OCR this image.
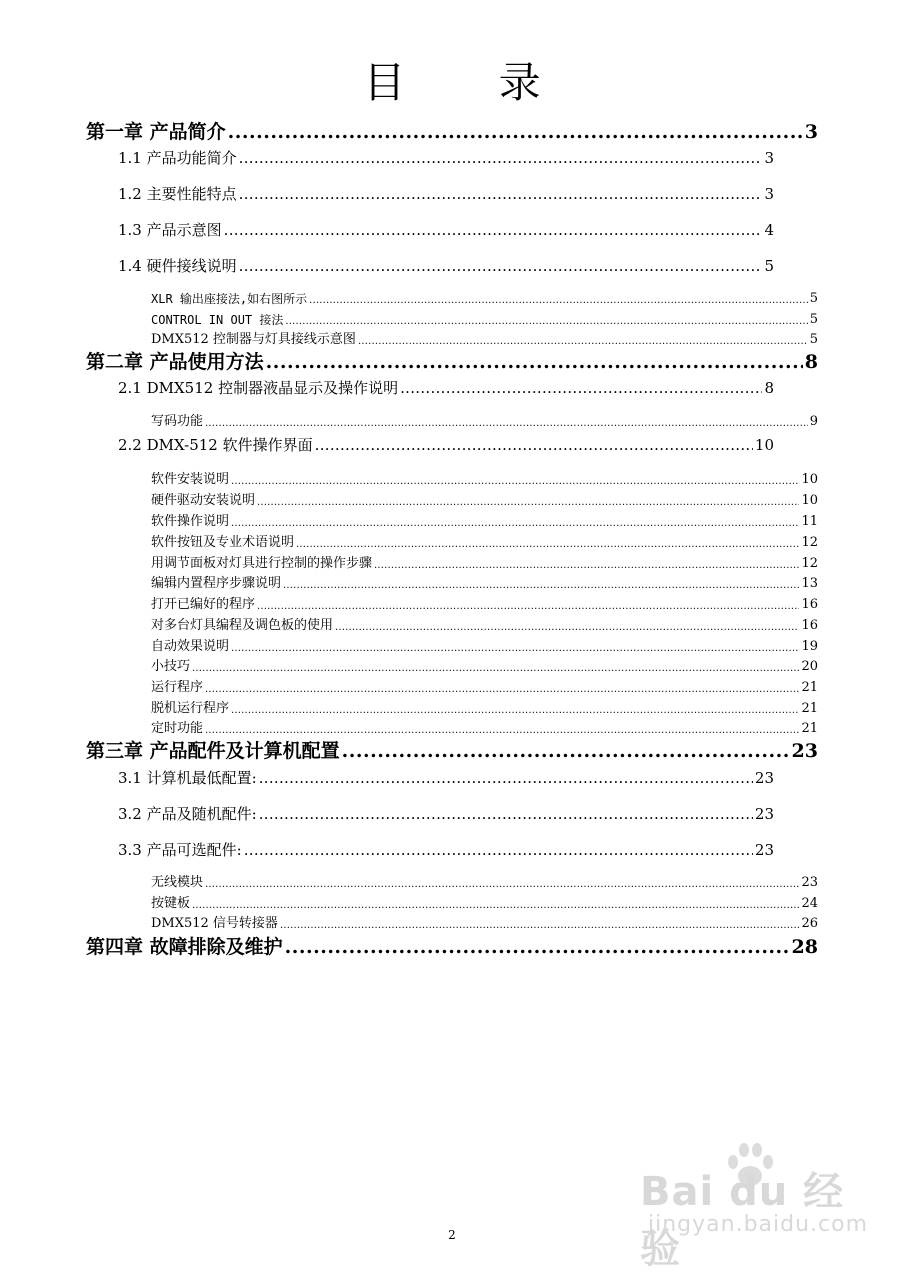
目 录
第一章 产品简介 .....	3
1.1 产品功能简介 .....	3
1.2 主要性能特点 .....	3
1.3 产品示意图 .....	4
1.4 硬件接线说明 .....	5
XLR 输出座接法,如右图所示 .....	5
CONTROL IN OUT 接法 .....	5
DMX512 控制器与灯具接线示意图 .....	5
第二章 产品使用方法 .....	8
2.1 DMX512 控制器液晶显示及操作说明 .....	8
写码功能 .....	9
2.2 DMX-512 软件操作界面 .....	10
软件安装说明 .....	10
硬件驱动安装说明 .....	10
软件操作说明 .....	11
软件按钮及专业术语说明 .....	12
用调节面板对灯具进行控制的操作步骤 .....	12
编辑内置程序步骤说明 .....	13
打开已编好的程序 .....	16
对多台灯具编程及调色板的使用 .....	16
自动效果说明 .....	19
小技巧 .....	20
运行程序 .....	21
脱机运行程序 .....	21
定时功能 .....	21
第三章 产品配件及计算机配置 .....	23
3.1 计算机最低配置: .....	23
3.2 产品及随机配件: .....	23
3.3 产品可选配件: .....	23
无线模块 .....	23
按键板 .....	24
DMX512 信号转接器 .....	26
第四章 故障排除及维护 .....	28
Bai du 经验
jingyan.baidu.com
2
